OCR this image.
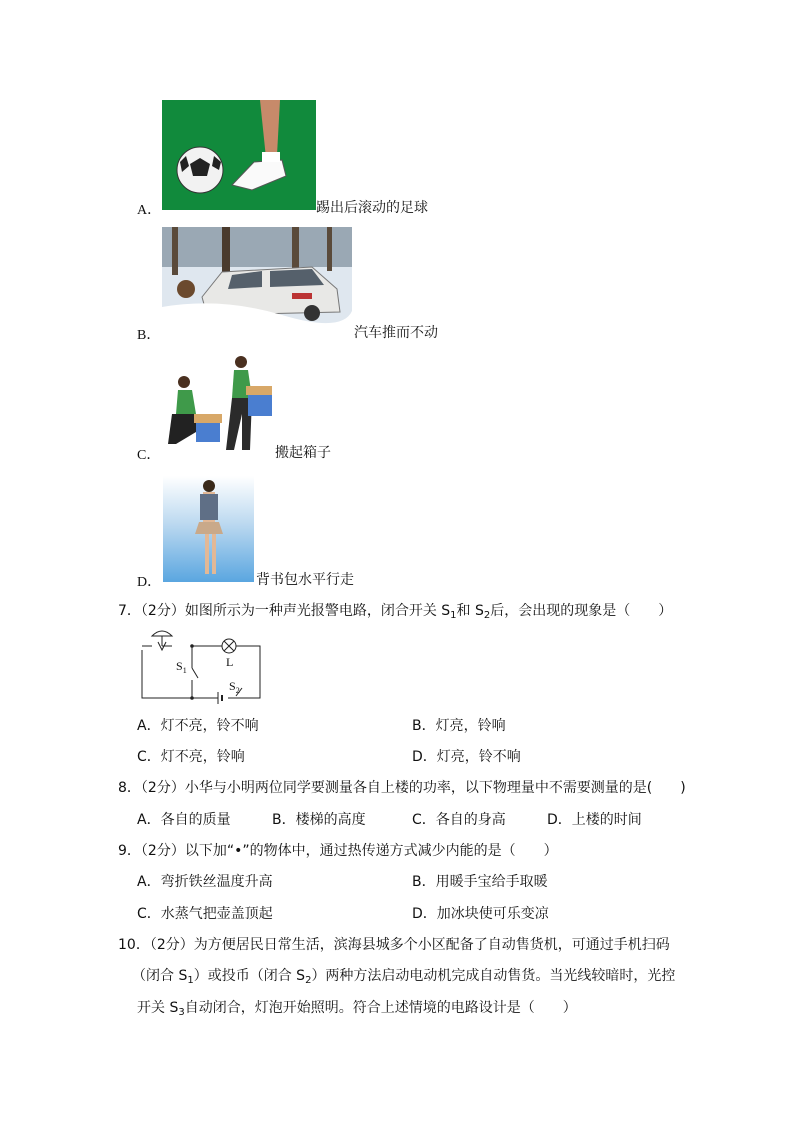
A．	踢出后滚动的足球
B．	汽车推而不动
C．	搬起箱子
D．	背书包水平行走
7．（2分）如图所示为一种声光报警电路，闭合开关 $S_1$和 $S_2$后，会出现的现象是（　　）
$S_1$
L
$S_2$
A．灯不亮，铃不响	B．灯亮，铃响
C．灯不亮，铃响	D．灯亮，铃不响
8．（2分）小华与小明两位同学要测量各自上楼的功率，以下物理量中不需要测量的是(　　)
A．各自的质量	B．楼梯的高度	C．各自的身高	D．上楼的时间
9．（2分）以下加“•”的物体中，通过热传递方式减少内能的是（　　）
A．弯折铁丝温度升高	B．用暖手宝给手取暖
C．水蒸气把壶盖顶起	D．加冰块使可乐变凉
10．（2分）为方便居民日常生活，滨海县城多个小区配备了自动售货机，可通过手机扫码
（闭合 $S_1$）或投币（闭合 $S_2$）两种方法启动电动机完成自动售货。当光线较暗时，光控
开关 $S_3$自动闭合，灯泡开始照明。符合上述情境的电路设计是（　　）
